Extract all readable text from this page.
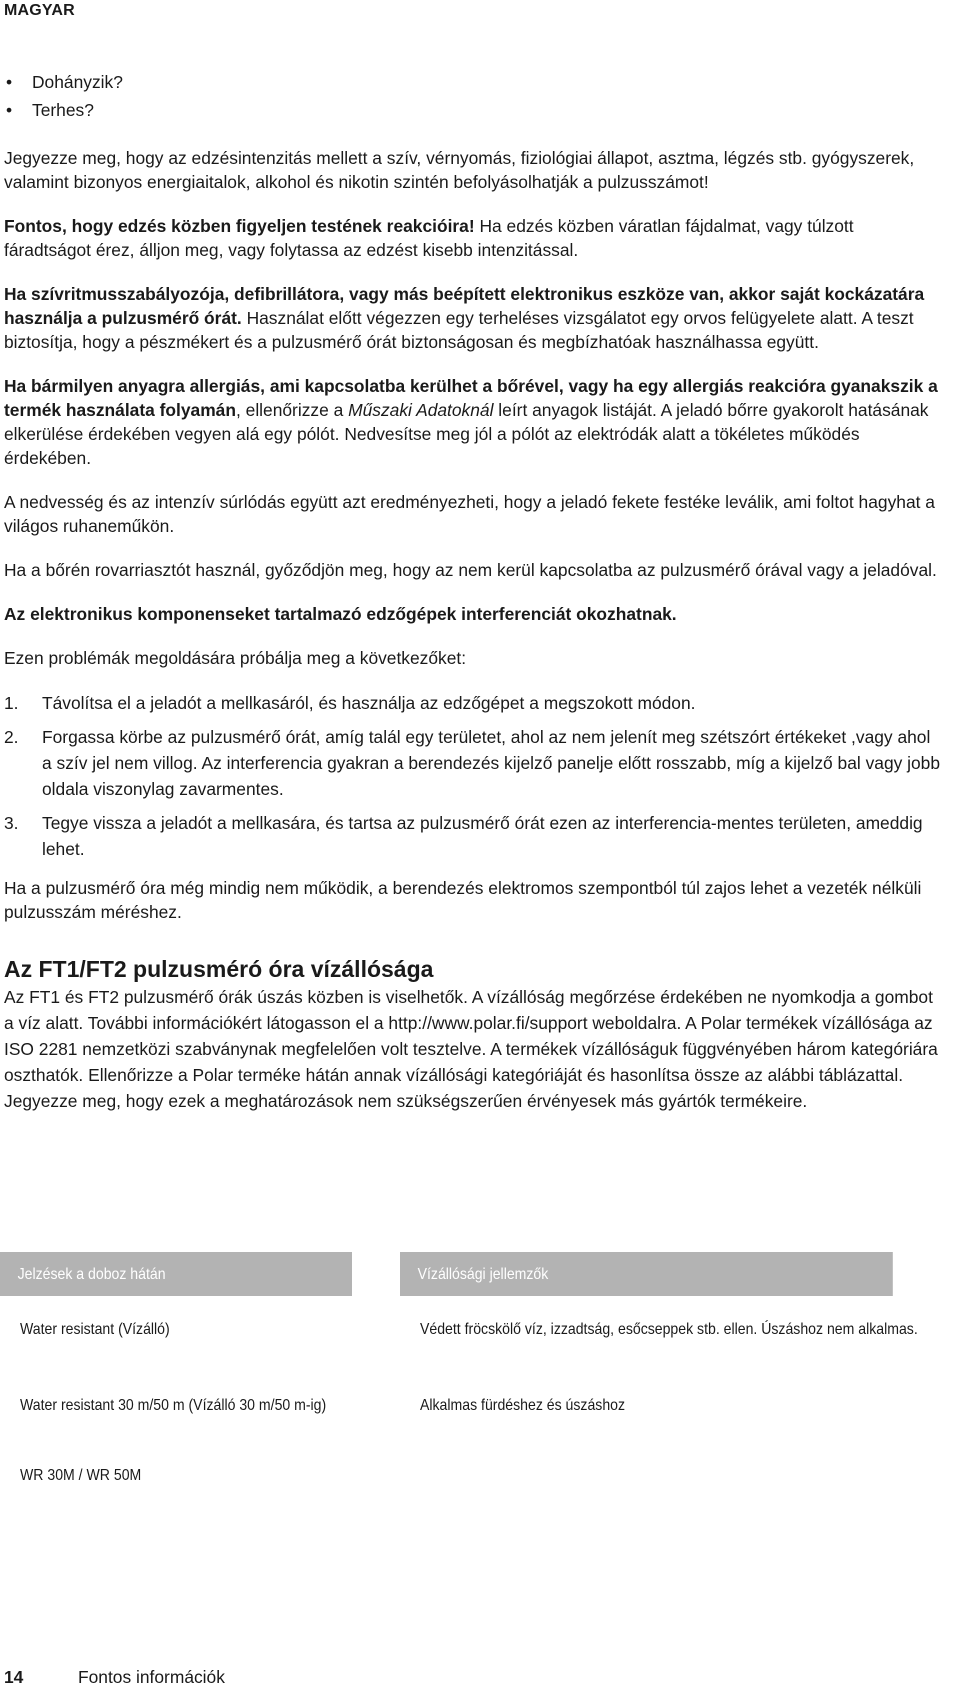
MAGYAR
• Dohányzik?
• Terhes?

Jegyezze meg, hogy az edzésintenzitás mellett a szív, vérnyomás, fiziológiai állapot, asztma, légzés stb. gyógyszerek, valamint bizonyos energiaitalok, alkohol és nikotin szintén befolyásolhatják a pulzusszámot!

Fontos, hogy edzés közben figyeljen testének reakcióira! Ha edzés közben váratlan fájdalmat, vagy túlzott fáradtságot érez, álljon meg, vagy folytassa az edzést kisebb intenzitással.

Ha szívritmusszabályozója, defibrillátora, vagy más beépített elektronikus eszköze van, akkor saját kockázatára használja a pulzusmérő órát. Használat előtt végezzen egy terheléses vizsgálatot egy orvos felügyelete alatt. A teszt biztosítja, hogy a pészmékert és a pulzusmérő órát biztonságosan és megbízhatóak használhassa együtt.

Ha bármilyen anyagra allergiás, ami kapcsolatba kerülhet a bőrével, vagy ha egy allergiás reakcióra gyanakszik a termék használata folyamán, ellenőrizze a Műszaki Adatoknál leírt anyagok listáját. A jeladó bőrre gyakorolt hatásának elkerülése érdekében vegyen alá egy pólót. Nedvesítse meg jól a pólót az elektródák alatt a tökéletes működés érdekében.

A nedvesség és az intenzív súrlódás együtt azt eredményezheti, hogy a jeladó fekete festéke leválik, ami foltot hagyhat a világos ruhaneműkön.

Ha a bőrén rovarriasztót használ, győződjön meg, hogy az nem kerül kapcsolatba az pulzusmérő órával vagy a jeladóval.

Az elektronikus komponenseket tartalmazó edzőgépek interferenciát okozhatnak.

Ezen problémák megoldására próbálja meg a következőket:

1. Távolítsa el a jeladót a mellkasáról, és használja az edzőgépet a megszokott módon.
2. Forgassa körbe az pulzusmérő órát, amíg talál egy területet, ahol az nem jelenít meg szétszórt értékeket ,vagy ahol a szív jel nem villog. Az interferencia gyakran a berendezés kijelző panelje előtt rosszabb, míg a kijelző bal vagy jobb oldala viszonylag zavarmentes.
3. Tegye vissza a jeladót a mellkasára, és tartsa az pulzusmérő órát ezen az interferencia-mentes területen, ameddig lehet.

Ha a pulzusmérő óra még mindig nem működik, a berendezés elektromos szempontból túl zajos lehet a vezeték nélküli pulzusszám méréshez.

Az FT1/FT2 pulzusméró óra vízállósága

Az FT1 és FT2 pulzusmérő órák úszás közben is viselhetők. A vízállóság megőrzése érdekében ne nyomkodja a gombot a víz alatt. További információkért látogasson el a http://www.polar.fi/support weboldalra. A Polar termékek vízállósága az ISO 2281 nemzetközi szabványnak megfelelően volt tesztelve. A termékek vízállóságuk függvényében három kategóriára oszthatók. Ellenőrizze a Polar terméke hátán annak vízállósági kategóriáját és hasonlítsa össze az alábbi táblázattal. Jegyezze meg, hogy ezek a meghatározások nem szükségszerűen érvényesek más gyártók termékeire.

Jelzések a doboz hátán	Vízállósági jellemzők
Water resistant (Vízálló)	Védett fröcskölő víz, izzadtság, esőcseppek stb. ellen. Úszáshoz nem alkalmas.
Water resistant 30 m/50 m (Vízálló 30 m/50 m-ig)	Alkalmas fürdéshez és úszáshoz
WR 30M / WR 50M	
14	Fontos információk
